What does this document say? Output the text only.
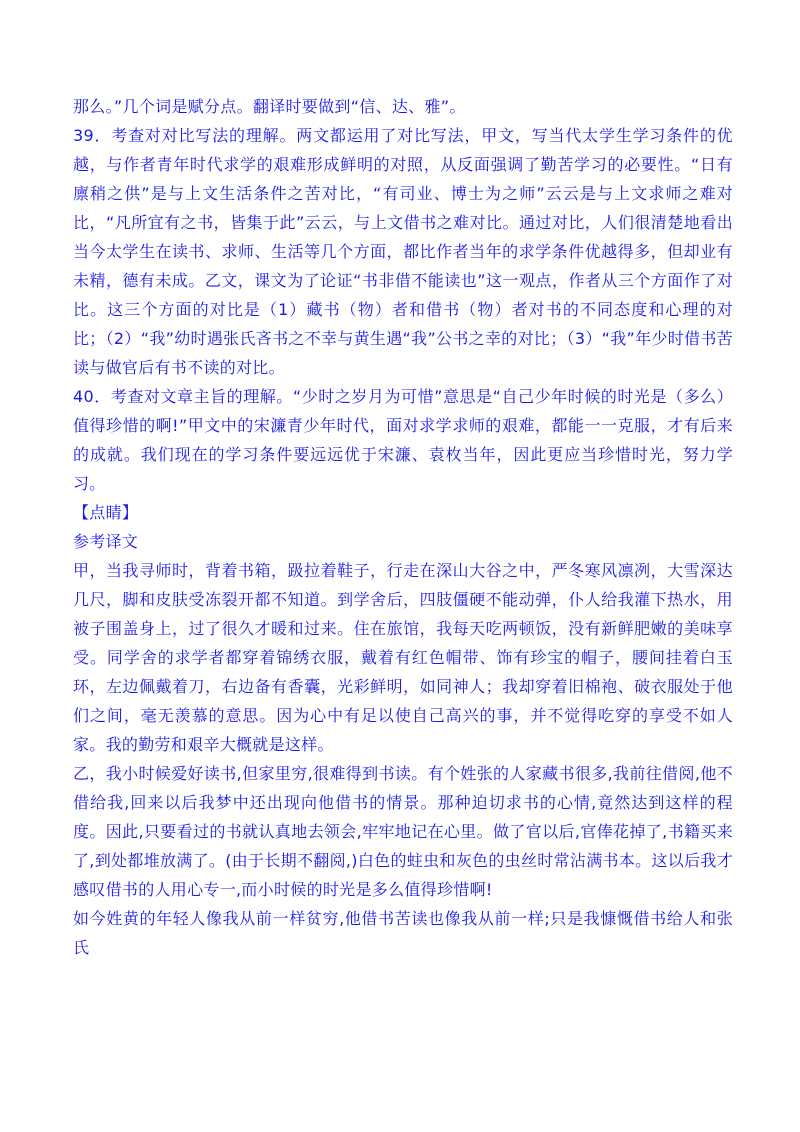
那么。”几个词是赋分点。翻译时要做到“信、达、雅”。

39．考查对对比写法的理解。两文都运用了对比写法，甲文，写当代太学生学习条件的优越，与作者青年时代求学的艰难形成鲜明的对照，从反面强调了勤苦学习的必要性。“日有廪稍之供”是与上文生活条件之苦对比，“有司业、博士为之师”云云是与上文求师之难对比，“凡所宜有之书，皆集于此”云云，与上文借书之难对比。通过对比，人们很清楚地看出当今太学生在读书、求师、生活等几个方面，都比作者当年的求学条件优越得多，但却业有未精，德有未成。乙文，课文为了论证“书非借不能读也”这一观点，作者从三个方面作了对比。这三个方面的对比是（1）藏书（物）者和借书（物）者对书的不同态度和心理的对比；（2）“我”幼时遇张氏吝书之不幸与黄生遇“我”公书之幸的对比；（3）“我”年少时借书苦读与做官后有书不读的对比。

40．考查对文章主旨的理解。“少时之岁月为可惜”意思是“自己少年时候的时光是（多么）值得珍惜的啊!”甲文中的宋濂青少年时代，面对求学求师的艰难，都能一一克服，才有后来的成就。我们现在的学习条件要远远优于宋濂、袁枚当年，因此更应当珍惜时光，努力学习。

【点睛】

参考译文

甲，当我寻师时，背着书箱，趿拉着鞋子，行走在深山大谷之中，严冬寒风凛冽，大雪深达几尺，脚和皮肤受冻裂开都不知道。到学舍后，四肢僵硬不能动弹，仆人给我灌下热水，用被子围盖身上，过了很久才暖和过来。住在旅馆，我每天吃两顿饭，没有新鲜肥嫩的美味享受。同学舍的求学者都穿着锦绣衣服，戴着有红色帽带、饰有珍宝的帽子，腰间挂着白玉环，左边佩戴着刀，右边备有香囊，光彩鲜明，如同神人；我却穿着旧棉袍、破衣服处于他们之间，毫无羡慕的意思。因为心中有足以使自己高兴的事，并不觉得吃穿的享受不如人家。我的勤劳和艰辛大概就是这样。

乙，我小时候爱好读书,但家里穷,很难得到书读。有个姓张的人家藏书很多,我前往借阅,他不借给我,回来以后我梦中还出现向他借书的情景。那种迫切求书的心情,竟然达到这样的程度。因此,只要看过的书就认真地去领会,牢牢地记在心里。做了官以后,官俸花掉了,书籍买来了,到处都堆放满了。(由于长期不翻阅,)白色的蛀虫和灰色的虫丝时常沾满书本。这以后我才感叹借书的人用心专一,而小时候的时光是多么值得珍惜啊!

如今姓黄的年轻人像我从前一样贫穷,他借书苦读也像我从前一样;只是我慷慨借书给人和张氏
